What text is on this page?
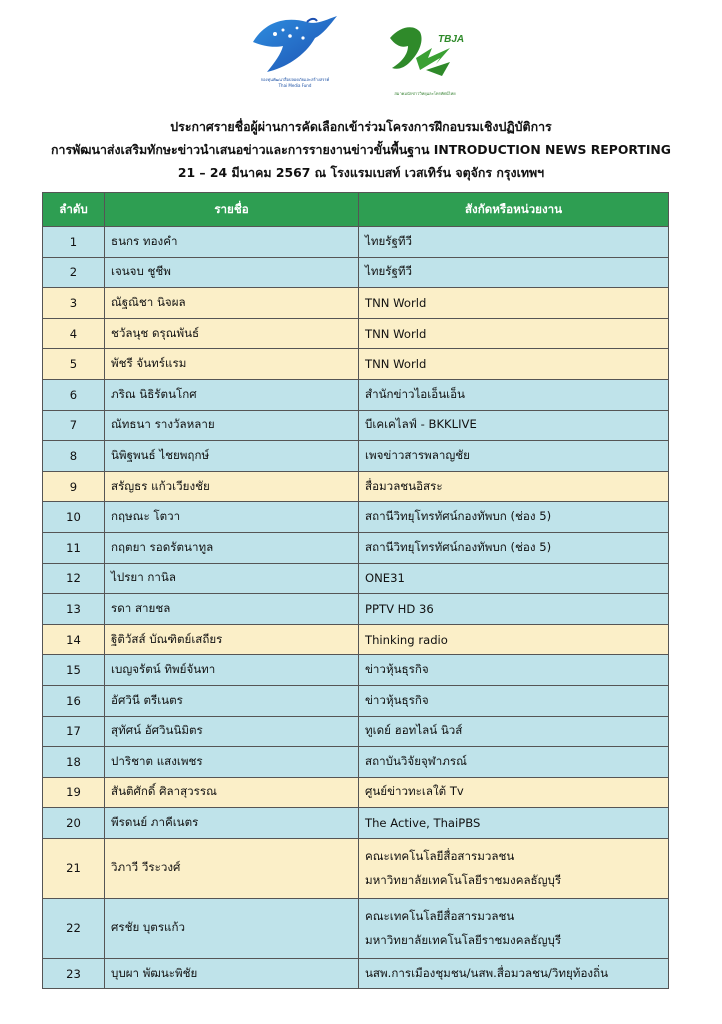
กองทุนพัฒนาสื่อปลอดภัยและสร้างสรรค์
Thai Media Fund
TBJA
สมาคมนักข่าววิทยุและโทรทัศน์ไทย
ประกาศรายชื่อผู้ผ่านการคัดเลือกเข้าร่วมโครงการฝึกอบรมเชิงปฏิบัติการ
การพัฒนาส่งเสริมทักษะข่าวนำเสนอข่าวและการรายงานข่าวขั้นพื้นฐาน INTRODUCTION NEWS REPORTING
21 – 24 มีนาคม 2567 ณ โรงแรมเบสท์ เวสเทิร์น จตุจักร กรุงเทพฯ
ลำดับ	รายชื่อ	สังกัดหรือหน่วยงาน
1	ธนกร ทองคำ	ไทยรัฐทีวี
2	เจนจบ ชูชีพ	ไทยรัฐทีวี
3	ณัฐณิชา นิจผล	TNN World
4	ชวัลนุช ดรุณพันธ์	TNN World
5	พัชรี จันทร์แรม	TNN World
6	ภริณ นิธิรัตนโกศ	สำนักข่าวไอเอ็นเอ็น
7	ณัทธนา รางวัลหลาย	บีเคเคไลฟ์ - BKKLIVE
8	นิพิฐพนธ์ ไชยพฤกษ์	เพจข่าวสารพลาญชัย
9	สรัญธร แก้วเวียงชัย	สื่อมวลชนอิสระ
10	กฤษณะ โตวา	สถานีวิทยุโทรทัศน์กองทัพบก (ช่อง 5)
11	กฤตยา รอดรัตนาทูล	สถานีวิทยุโทรทัศน์กองทัพบก (ช่อง 5)
12	ไปรยา กานิล	ONE31
13	รดา สายชล	PPTV HD 36
14	ฐิติวัสส์ บัณฑิตย์เสถียร	Thinking radio
15	เบญจรัตน์ ทิพย์จันทา	ข่าวหุ้นธุรกิจ
16	อัศวินี ตรีเนตร	ข่าวหุ้นธุรกิจ
17	สุทัศน์ อัศวินนิมิตร	ทูเดย์ ฮอทไลน์ นิวส์
18	ปาริชาต แสงเพชร	สถาบันวิจัยจุฬาภรณ์
19	สันติศักดิ์ ศิลาสุวรรณ	ศูนย์ข่าวทะเลใต้ Tv
20	พีรดนย์ ภาคีเนตร	The Active, ThaiPBS
21	วิภาวี วีระวงศ์	คณะเทคโนโลยีสื่อสารมวลชน
มหาวิทยาลัยเทคโนโลยีราชมงคลธัญบุรี

22	ศรชัย บุตรแก้ว	คณะเทคโนโลยีสื่อสารมวลชน
มหาวิทยาลัยเทคโนโลยีราชมงคลธัญบุรี

23	บุบผา พัฒนะพิชัย	นสพ.การเมืองชุมชน/นสพ.สื่อมวลชน/วิทยุท้องถิ่น
